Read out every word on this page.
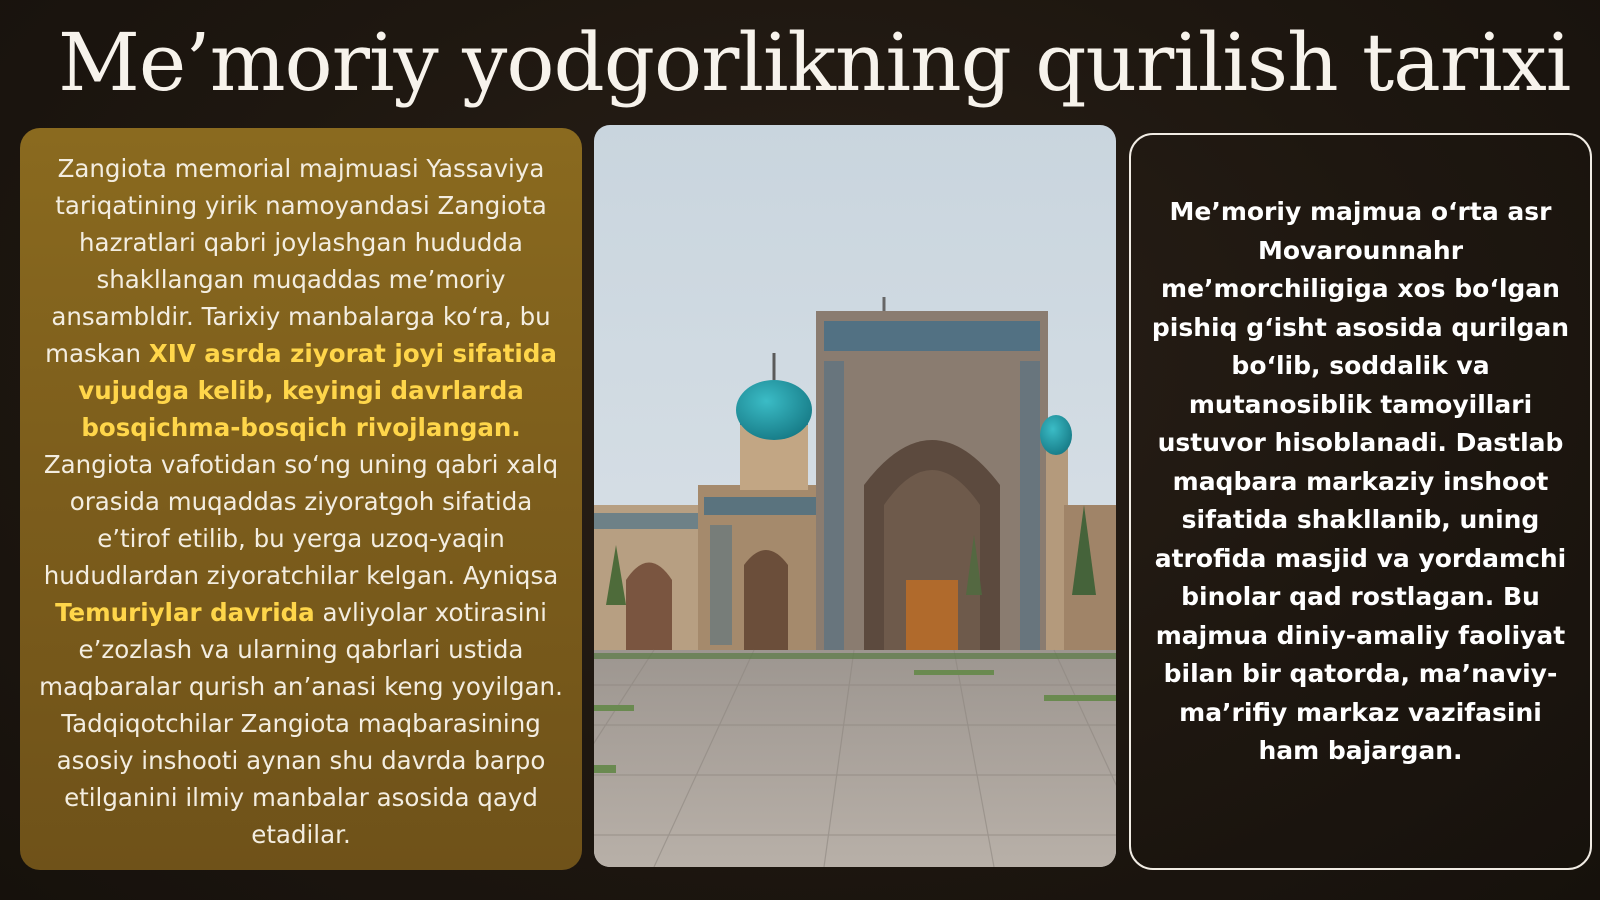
Me’moriy yodgorlikning qurilish tarixi
Zangiota memorial majmuasi Yassaviya tariqatining yirik namoyandasi Zangiota hazratlari qabri joylashgan hududda shakllangan muqaddas me’moriy ansambldir. Tarixiy manbalarga ko‘ra, bu maskan XIV asrda ziyorat joyi sifatida vujudga kelib, keyingi davrlarda bosqichma-bosqich rivojlangan. Zangiota vafotidan so‘ng uning qabri xalq orasida muqaddas ziyoratgoh sifatida e’tirof etilib, bu yerga uzoq-yaqin hududlardan ziyoratchilar kelgan. Ayniqsa Temuriylar davrida avliyolar xotirasini e’zozlash va ularning qabrlari ustida maqbaralar qurish an’anasi keng yoyilgan. Tadqiqotchilar Zangiota maqbarasining asosiy inshooti aynan shu davrda barpo etilganini ilmiy manbalar asosida qayd etadilar.
Me’moriy majmua o‘rta asr Movarounnahr me’morchiligiga xos bo‘lgan pishiq g‘isht asosida qurilgan bo‘lib, soddalik va mutanosiblik tamoyillari ustuvor hisoblanadi. Dastlab maqbara markaziy inshoot sifatida shakllanib, uning atrofida masjid va yordamchi binolar qad rostlagan. Bu majmua diniy-amaliy faoliyat bilan bir qatorda, ma’naviy-ma’rifiy markaz vazifasini ham bajargan.
